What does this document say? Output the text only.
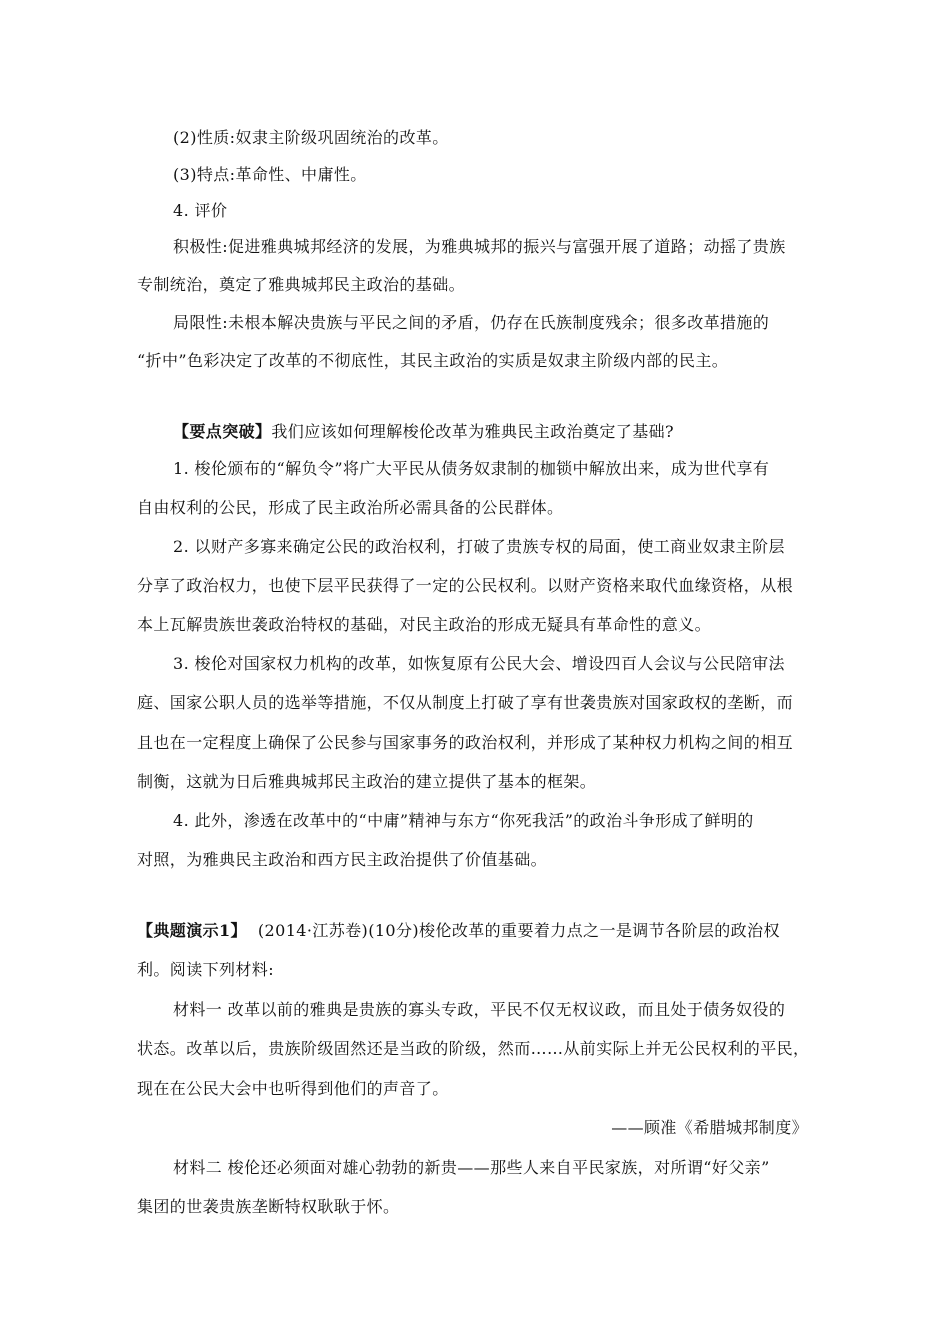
(2)性质:奴隶主阶级巩固统治的改革。
(3)特点:革命性、中庸性。
4. 评价
积极性:促进雅典城邦经济的发展，为雅典城邦的振兴与富强开展了道路；动摇了贵族
专制统治，奠定了雅典城邦民主政治的基础。
局限性:未根本解决贵族与平民之间的矛盾，仍存在氏族制度残余；很多改革措施的
“折中”色彩决定了改革的不彻底性，其民主政治的实质是奴隶主阶级内部的民主。
【要点突破】我们应该如何理解梭伦改革为雅典民主政治奠定了基础?
1. 梭伦颁布的“解负令”将广大平民从债务奴隶制的枷锁中解放出来，成为世代享有
自由权利的公民，形成了民主政治所必需具备的公民群体。
2. 以财产多寡来确定公民的政治权利，打破了贵族专权的局面，使工商业奴隶主阶层
分享了政治权力，也使下层平民获得了一定的公民权利。以财产资格来取代血缘资格，从根
本上瓦解贵族世袭政治特权的基础，对民主政治的形成无疑具有革命性的意义。
3. 梭伦对国家权力机构的改革，如恢复原有公民大会、增设四百人会议与公民陪审法
庭、国家公职人员的选举等措施，不仅从制度上打破了享有世袭贵族对国家政权的垄断，而
且也在一定程度上确保了公民参与国家事务的政治权利，并形成了某种权力机构之间的相互
制衡，这就为日后雅典城邦民主政治的建立提供了基本的框架。
4. 此外，渗透在改革中的“中庸”精神与东方“你死我活”的政治斗争形成了鲜明的
对照，为雅典民主政治和西方民主政治提供了价值基础。
【典题演示1】  (2014·江苏卷)(10分)梭伦改革的重要着力点之一是调节各阶层的政治权
利。阅读下列材料:
材料一 改革以前的雅典是贵族的寡头专政，平民不仅无权议政，而且处于债务奴役的
状态。改革以后，贵族阶级固然还是当政的阶级，然而……从前实际上并无公民权利的平民，
现在在公民大会中也听得到他们的声音了。
——顾准《希腊城邦制度》
材料二 梭伦还必须面对雄心勃勃的新贵——那些人来自平民家族，对所谓“好父亲”
集团的世袭贵族垄断特权耿耿于怀。
